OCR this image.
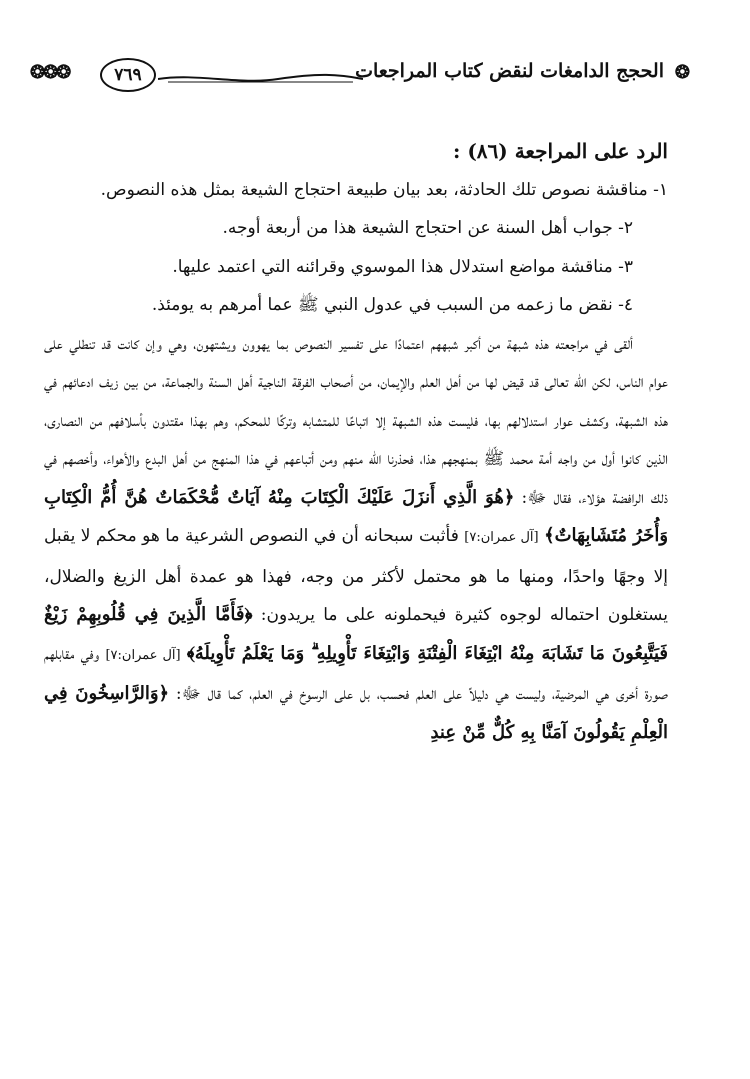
❂
الحجج الدامغات لنقض كتاب المراجعات
٧٦٩
❂❂❂

الرد على المراجعة (٨٦) :

١- مناقشة نصوص تلك الحادثة، بعد بيان طبيعة احتجاج الشيعة بمثل هذه النصوص.

٢- جواب أهل السنة عن احتجاج الشيعة هذا من أربعة أوجه.

٣- مناقشة مواضع استدلال هذا الموسوي وقرائنه التي اعتمد عليها.

٤- نقض ما زعمه من السبب في عدول النبي ﷺ عما أمرهم به يومئذ.

ألقى في مراجعته هذه شبهة من أكبر شبههم اعتمادًا على تفسير النصوص بما يهوون ويشتهون، وهي وإن كانت قد تنطلي على عوام الناس، لكن الله تعالى قد قيض لها من أهل العلم والإيمان، من أصحاب الفرقة الناجية أهل السنة والجماعة، من بين زيف ادعائهم في هذه الشبهة، وكشف عوار استدلالهم بها، فليست هذه الشبهة إلا اتباعًا للمتشابه وتركًا للمحكم، وهم بهذا مقتدون بأسلافهم من النصارى، الذين كانوا أول من واجه أمة محمد ﷺ بمنهجهم هذا، فحذرنا الله منهم ومن أتباعهم في هذا المنهج من أهل البدع والأهواء، وأخصهم في ذلك الرافضة هؤلاء، فقال ﷻ: ﴿هُوَ الَّذِي أَنزَلَ عَلَيْكَ الْكِتَابَ مِنْهُ آيَاتٌ مُّحْكَمَاتٌ هُنَّ أُمُّ الْكِتَابِ وَأُخَرُ مُتَشَابِهَاتٌ﴾ [آل عمران:٧] فأثبت سبحانه أن في النصوص الشرعية ما هو محكم لا يقبل إلا وجهًا واحدًا، ومنها ما هو محتمل لأكثر من وجه، فهذا هو عمدة أهل الزيغ والضلال، يستغلون احتماله لوجوه كثيرة فيحملونه على ما يريدون: ﴿فَأَمَّا الَّذِينَ فِي قُلُوبِهِمْ زَيْغٌ فَيَتَّبِعُونَ مَا تَشَابَهَ مِنْهُ ابْتِغَاءَ الْفِتْنَةِ وَابْتِغَاءَ تَأْوِيلِهِ ۗ وَمَا يَعْلَمُ تَأْوِيلَهُ﴾ [آل عمران:٧] وفي مقابلهم صورة أخرى هي المرضية، وليست هي دليلاً على العلم فحسب، بل على الرسوخ في العلم، كما قال ﷻ: ﴿وَالرَّاسِخُونَ فِي الْعِلْمِ يَقُولُونَ آمَنَّا بِهِ كُلٌّ مِّنْ عِندِ
